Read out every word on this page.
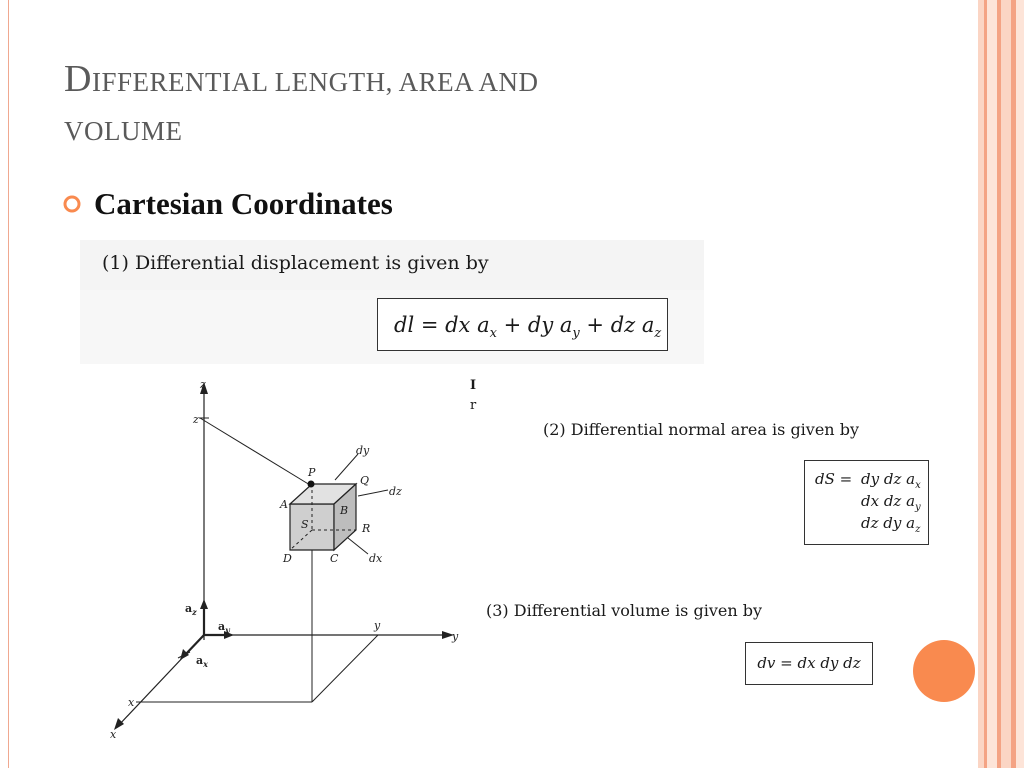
DIFFERENTIAL LENGTH, AREA AND
VOLUME
Cartesian Coordinates
(1) Differential displacement is given by
dl = dx $a_x$ + dy $a_y$ + dz $a_z$
I
r
(2) Differential normal area is given by
dS = dy dz $a_x$
dx dz $a_y$
dz dy $a_z$
(3) Differential volume is given by
dv = dx dy dz
z
z
y
y
x
x
P
Q
A	B
S	R
D	C
dy
dz
dx
$a_z$
$a_y$
$a_x$
